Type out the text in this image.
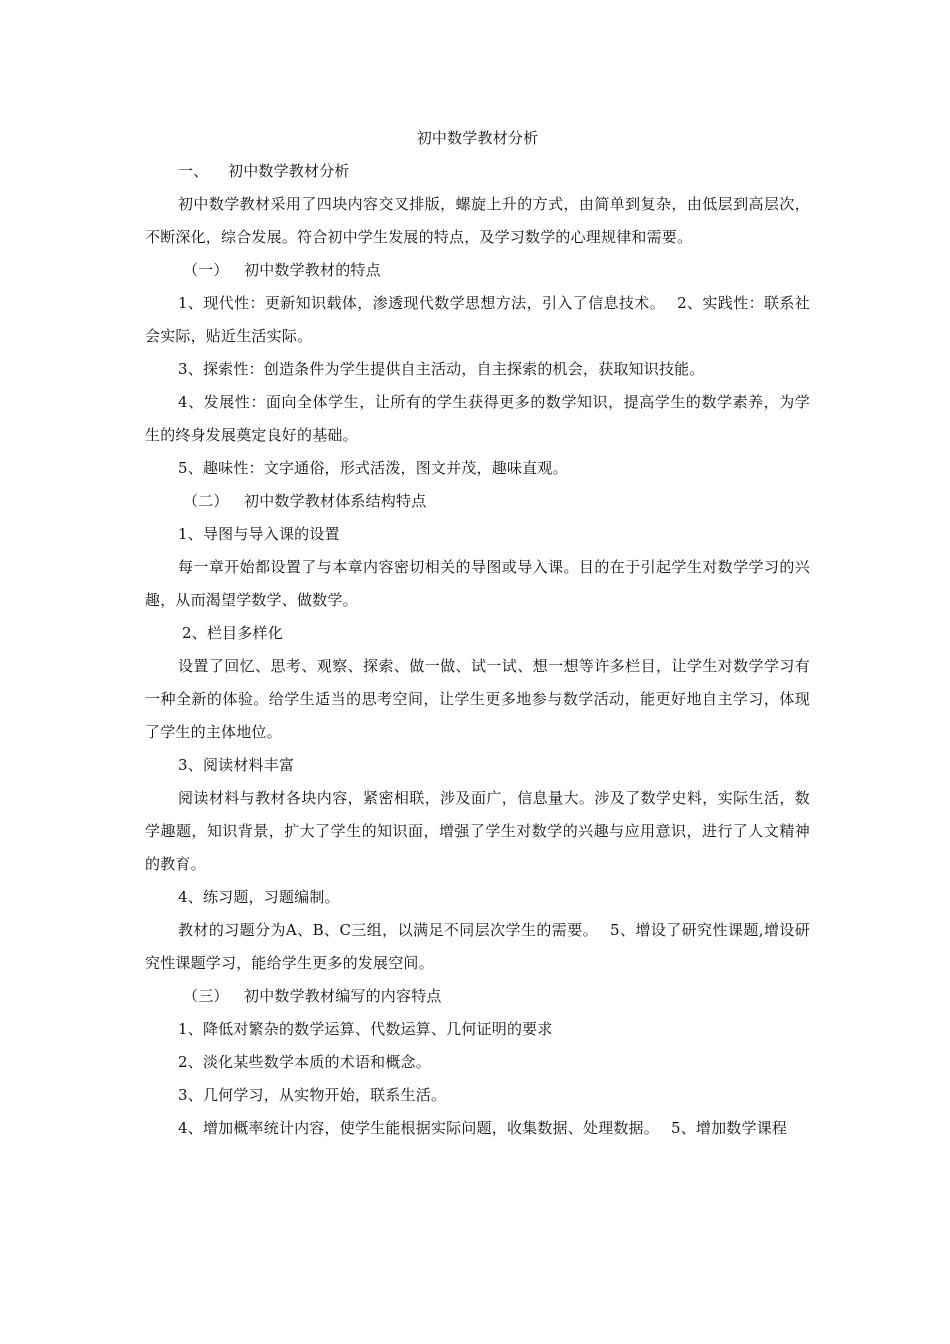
初中数学教材分析

一、 初中数学教材分析

初中数学教材采用了四块内容交叉排版，螺旋上升的方式，由简单到复杂，由低层到高层次，不断深化，综合发展。符合初中学生发展的特点，及学习数学的心理规律和需要。

（一） 初中数学教材的特点

1、现代性：更新知识载体，渗透现代数学思想方法，引入了信息技术。 2、实践性：联系社会实际，贴近生活实际。

3、探索性：创造条件为学生提供自主活动，自主探索的机会，获取知识技能。

4、发展性：面向全体学生，让所有的学生获得更多的数学知识，提高学生的数学素养，为学生的终身发展奠定良好的基础。

5、趣味性：文字通俗，形式活泼，图文并茂，趣味直观。

（二） 初中数学教材体系结构特点

1、导图与导入课的设置

每一章开始都设置了与本章内容密切相关的导图或导入课。目的在于引起学生对数学学习的兴趣，从而渴望学数学、做数学。

2、栏目多样化

设置了回忆、思考、观察、探索、做一做、试一试、想一想等许多栏目，让学生对数学学习有一种全新的体验。给学生适当的思考空间，让学生更多地参与数学活动，能更好地自主学习，体现了学生的主体地位。

3、阅读材料丰富

阅读材料与教材各块内容，紧密相联，涉及面广，信息量大。涉及了数学史料，实际生活，数学趣题，知识背景，扩大了学生的知识面，增强了学生对数学的兴趣与应用意识，进行了人文精神的教育。

4、练习题，习题编制。

教材的习题分为A、B、C三组，以满足不同层次学生的需要。 5、增设了研究性课题,增设研究性课题学习，能给学生更多的发展空间。

（三） 初中数学教材编写的内容特点

1、降低对繁杂的数学运算、代数运算、几何证明的要求

2、淡化某些数学本质的术语和概念。

3、几何学习，从实物开始，联系生活。

4、增加概率统计内容，使学生能根据实际问题，收集数据、处理数据。 5、增加数学课程
